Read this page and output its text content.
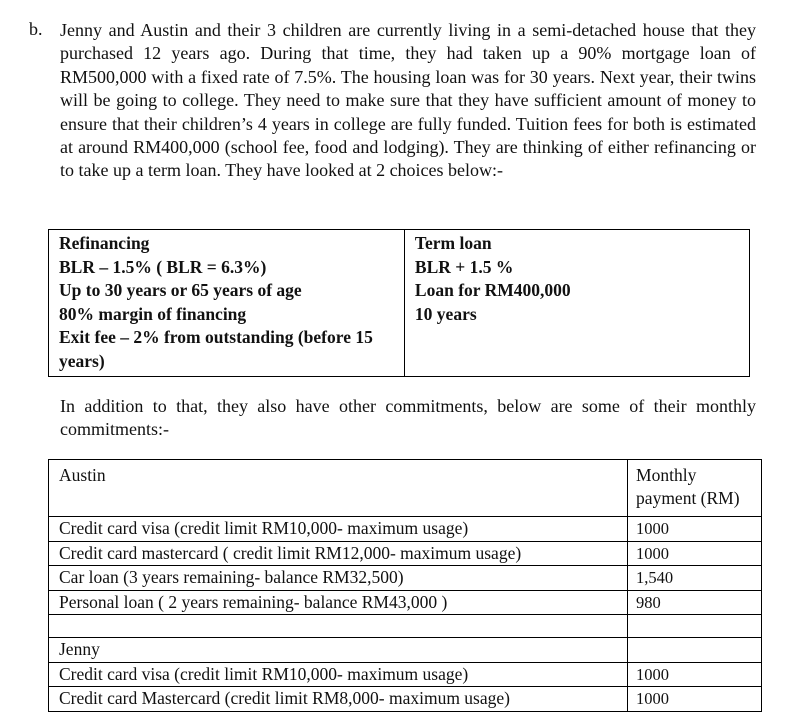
b. Jenny and Austin and their 3 children are currently living in a semi-detached house that they purchased 12 years ago. During that time, they had taken up a 90% mortgage loan of RM500,000 with a fixed rate of 7.5%. The housing loan was for 30 years. Next year, their twins will be going to college. They need to make sure that they have sufficient amount of money to ensure that their children’s 4 years in college are fully funded. Tuition fees for both is estimated at around RM400,000 (school fee, food and lodging). They are thinking of either refinancing or to take up a term loan. They have looked at 2 choices below:-

Refinancing
BLR – 1.5% ( BLR = 6.3%)
Up to 30 years or 65 years of age
80% margin of financing
Exit fee – 2% from outstanding (before 15 years)

Term loan
BLR + 1.5 %
Loan for RM400,000
10 years

In addition to that, they also have other commitments, below are some of their monthly commitments:-

Austin	Monthly payment (RM)
Credit card visa (credit limit RM10,000- maximum usage)	1000
Credit card mastercard ( credit limit RM12,000- maximum usage)	1000
Car loan (3 years remaining- balance RM32,500)	1,540
Personal loan ( 2 years remaining- balance RM43,000 )	980

Jenny	
Credit card visa (credit limit RM10,000- maximum usage)	1000
Credit card Mastercard (credit limit RM8,000- maximum usage)	1000
